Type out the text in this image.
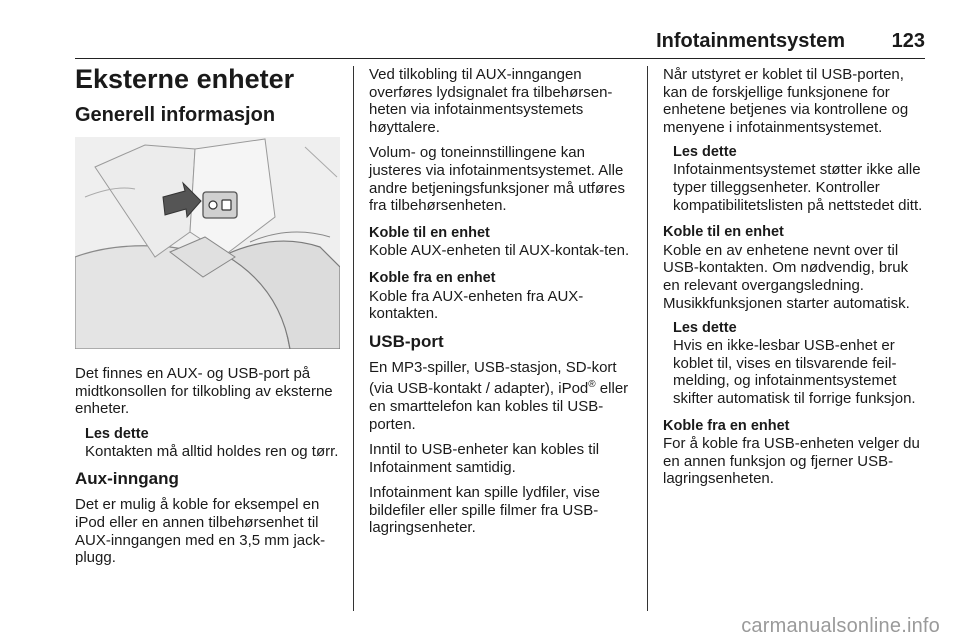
Infotainmentsystem 123
Eksterne enheter
Generell informasjon

Det finnes en AUX- og USB-port på midtkonsollen for tilkobling av eksterne enheter.

Les dette
Kontakten må alltid holdes ren og tørr.
Aux-inngang

Det er mulig å koble for eksempel en iPod eller en annen tilbehørsenhet til AUX-inngangen med en 3,5 mm jack-plugg.

Ved tilkobling til AUX-inngangen overføres lydsignalet fra tilbehørsen-heten via infotainmentsystemets høyttalere.

Volum- og toneinnstillingene kan justeres via infotainmentsystemet. Alle andre betjeningsfunksjoner må utføres fra tilbehørsenheten.

Koble til en enhet

Koble AUX-enheten til AUX-kontak-ten.

Koble fra en enhet

Koble fra AUX-enheten fra AUX-kontakten.

USB-port

En MP3-spiller, USB-stasjon, SD-kort (via USB-kontakt / adapter), iPod® eller en smarttelefon kan kobles til USB-porten.

Inntil to USB-enheter kan kobles til Infotainment samtidig.

Infotainment kan spille lydfiler, vise bildefiler eller spille filmer fra USB-lagringsenheter.

Når utstyret er koblet til USB-porten, kan de forskjellige funksjonene for enhetene betjenes via kontrollene og menyene i infotainmentsystemet.

Les dette
Infotainmentsystemet støtter ikke alle typer tilleggsenheter. Kontroller kompatibilitetslisten på nettstedet ditt.
Koble til en enhet

Koble en av enhetene nevnt over til USB-kontakten. Om nødvendig, bruk en relevant overgangsledning. Musikkfunksjonen starter automatisk.

Les dette
Hvis en ikke-lesbar USB-enhet er koblet til, vises en tilsvarende feil-melding, og infotainmentsystemet skifter automatisk til forrige funksjon.
Koble fra en enhet

For å koble fra USB-enheten velger du en annen funksjon og fjerner USB-lagringsenheten.

carmanualsonline.info
